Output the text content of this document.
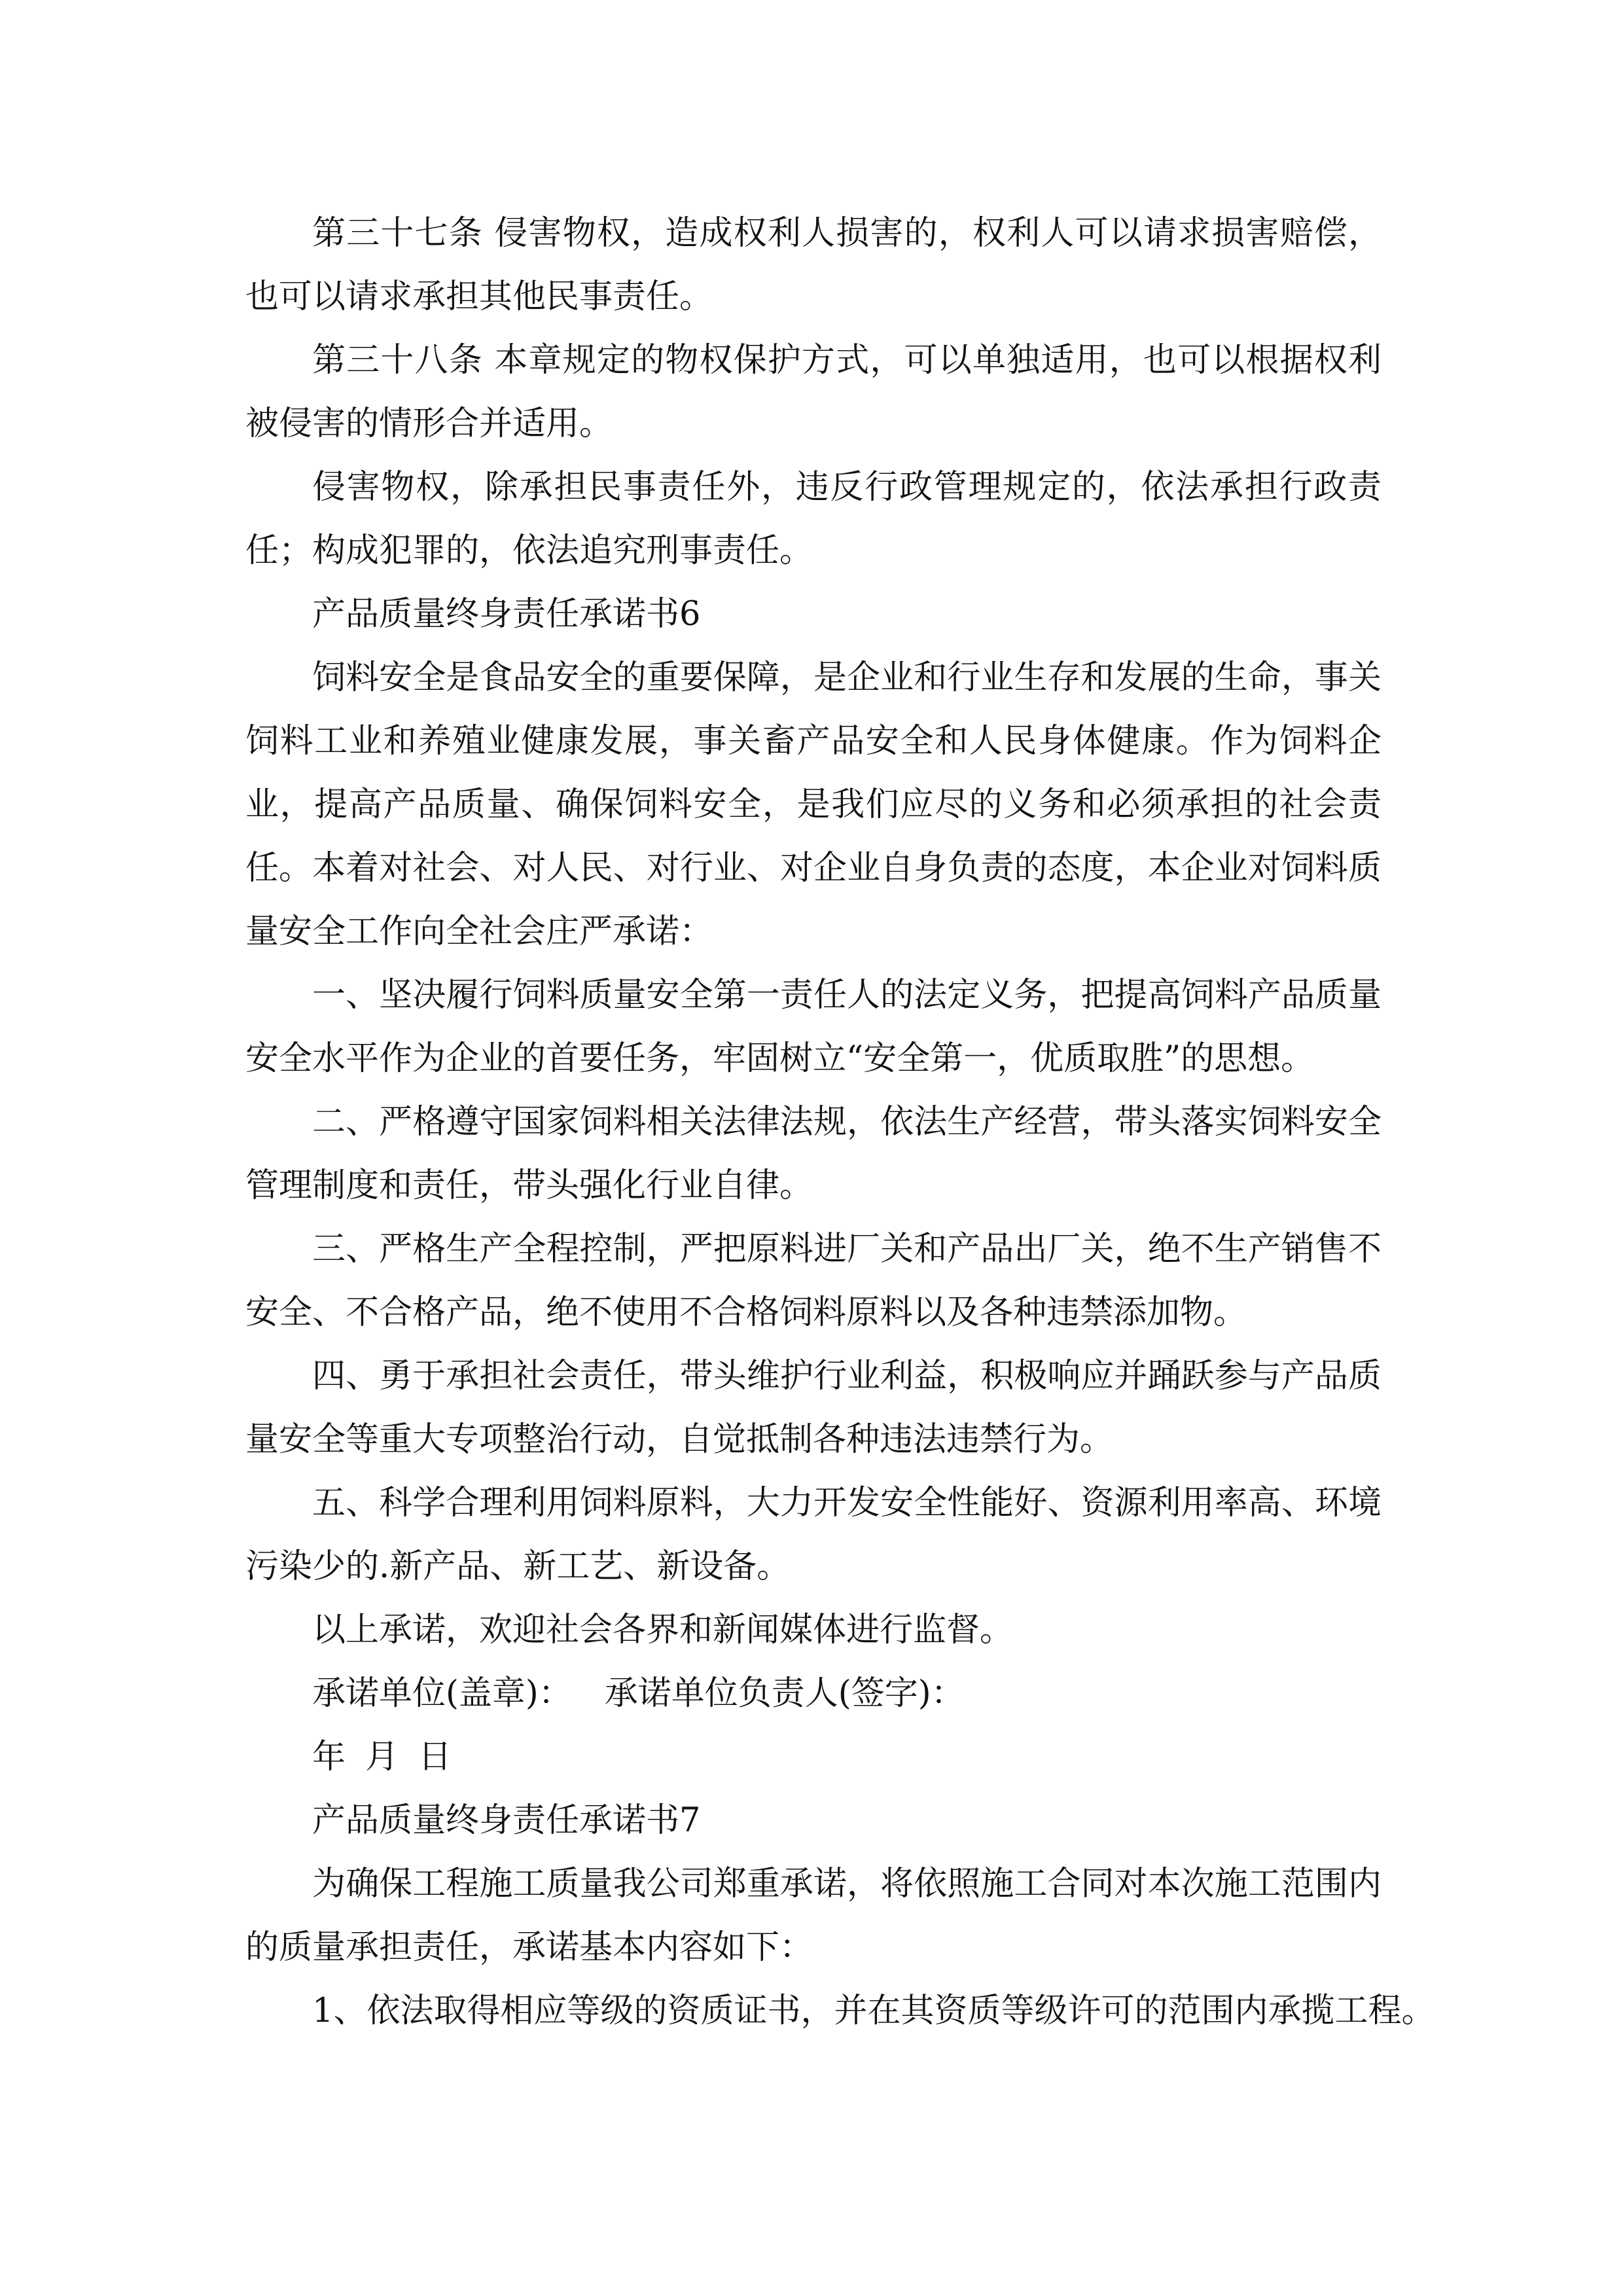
第三十七条 侵害物权，造成权利人损害的，权利人可以请求损害赔偿，也可以请求承担其他民事责任。

第三十八条 本章规定的物权保护方式，可以单独适用，也可以根据权利被侵害的情形合并适用。

侵害物权，除承担民事责任外，违反行政管理规定的，依法承担行政责任；构成犯罪的，依法追究刑事责任。

产品质量终身责任承诺书6

饲料安全是食品安全的重要保障，是企业和行业生存和发展的生命，事关饲料工业和养殖业健康发展，事关畜产品安全和人民身体健康。作为饲料企业，提高产品质量、确保饲料安全，是我们应尽的义务和必须承担的社会责任。本着对社会、对人民、对行业、对企业自身负责的态度，本企业对饲料质量安全工作向全社会庄严承诺：

一、坚决履行饲料质量安全第一责任人的法定义务，把提高饲料产品质量安全水平作为企业的首要任务，牢固树立“安全第一，优质取胜”的思想。

二、严格遵守国家饲料相关法律法规，依法生产经营，带头落实饲料安全管理制度和责任，带头强化行业自律。

三、严格生产全程控制，严把原料进厂关和产品出厂关，绝不生产销售不安全、不合格产品，绝不使用不合格饲料原料以及各种违禁添加物。

四、勇于承担社会责任，带头维护行业利益，积极响应并踊跃参与产品质量安全等重大专项整治行动，自觉抵制各种违法违禁行为。

五、科学合理利用饲料原料，大力开发安全性能好、资源利用率高、环境污染少的.新产品、新工艺、新设备。

以上承诺，欢迎社会各界和新闻媒体进行监督。

承诺单位(盖章)： 承诺单位负责人(签字)：

年 月 日

产品质量终身责任承诺书7

为确保工程施工质量我公司郑重承诺，将依照施工合同对本次施工范围内的质量承担责任，承诺基本内容如下：

1、依法取得相应等级的资质证书，并在其资质等级许可的范围内承揽工程。
